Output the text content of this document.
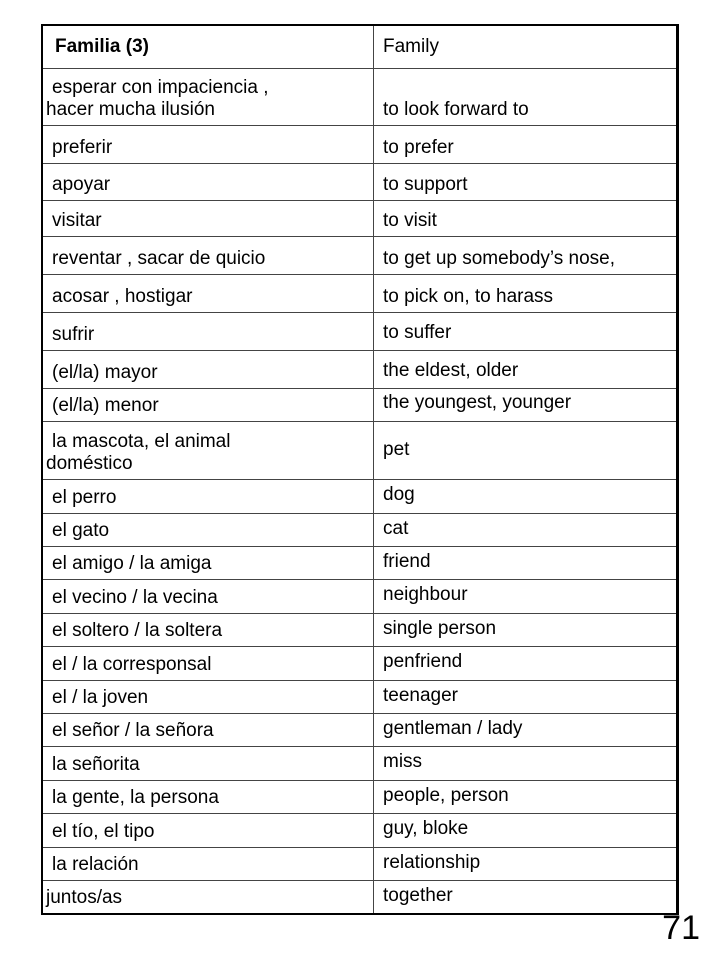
Familia (3)	Family
esperar con impaciencia ,
hacer mucha ilusión	to look forward to
preferir	to prefer
apoyar	to support
visitar	to visit
reventar , sacar de quicio	to get up somebody’s nose,
acosar , hostigar	to pick on, to harass
sufrir	to suffer
(el/la) mayor	the eldest, older
(el/la) menor	the youngest, younger
la mascota, el animal
doméstico	pet
el perro	dog
el gato	cat
el amigo / la amiga	friend
el vecino / la vecina	neighbour
el soltero / la soltera	single person
el / la corresponsal	penfriend
el / la joven	teenager
el señor / la señora	gentleman / lady
la señorita	miss
la gente, la persona	people, person
el tío, el tipo	guy, bloke
la relación	relationship
juntos/as	together
71
